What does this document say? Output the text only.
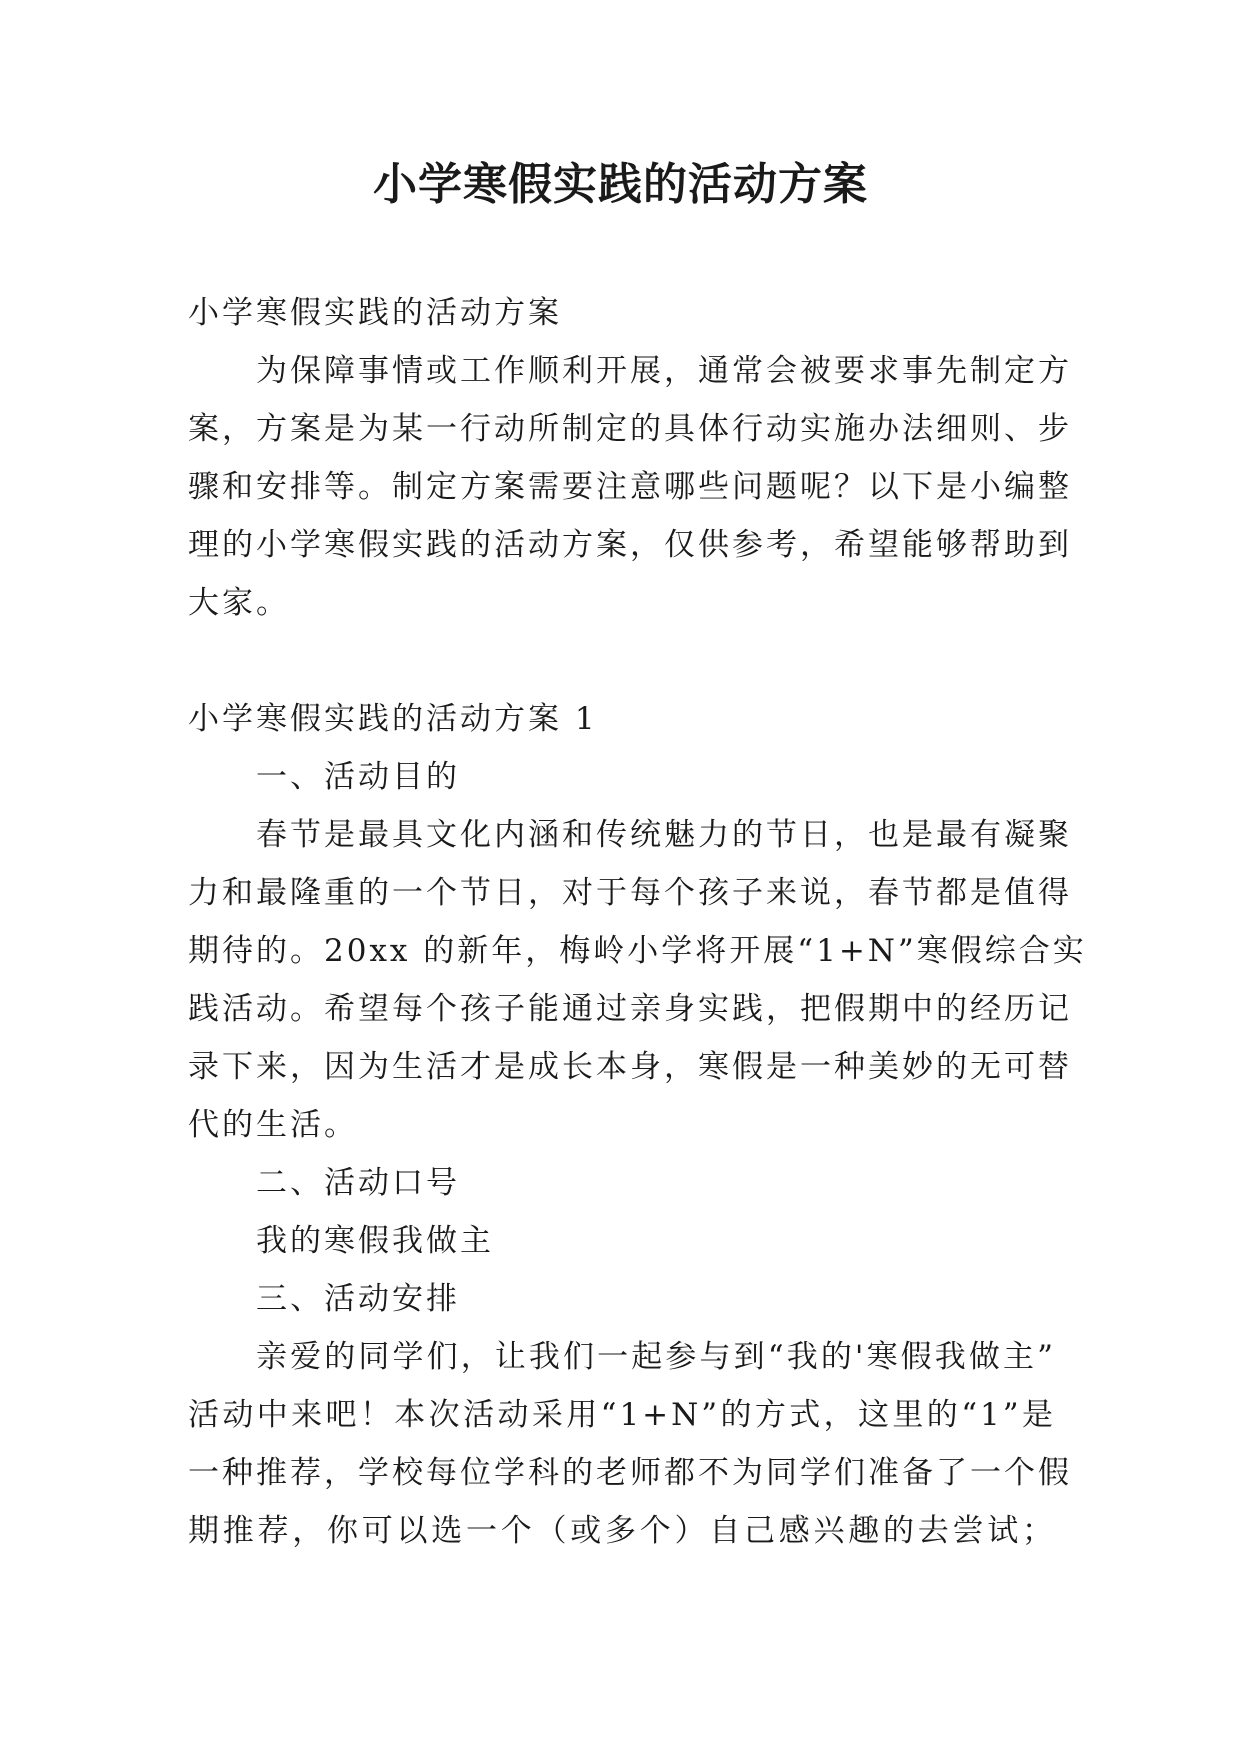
小学寒假实践的活动方案

小学寒假实践的活动方案

为保障事情或工作顺利开展，通常会被要求事先制定方

案，方案是为某一行动所制定的具体行动实施办法细则、步

骤和安排等。制定方案需要注意哪些问题呢？以下是小编整

理的小学寒假实践的活动方案，仅供参考，希望能够帮助到

大家。

小学寒假实践的活动方案 1

一、活动目的

春节是最具文化内涵和传统魅力的节日，也是最有凝聚

力和最隆重的一个节日，对于每个孩子来说，春节都是值得

期待的。20xx 的新年，梅岭小学将开展“1+N”寒假综合实

践活动。希望每个孩子能通过亲身实践，把假期中的经历记

录下来，因为生活才是成长本身，寒假是一种美妙的无可替

代的生活。

二、活动口号

我的寒假我做主

三、活动安排

亲爱的同学们，让我们一起参与到“我的'寒假我做主”

活动中来吧！本次活动采用“1+N”的方式，这里的“1”是

一种推荐，学校每位学科的老师都不为同学们准备了一个假

期推荐，你可以选一个（或多个）自己感兴趣的去尝试；
